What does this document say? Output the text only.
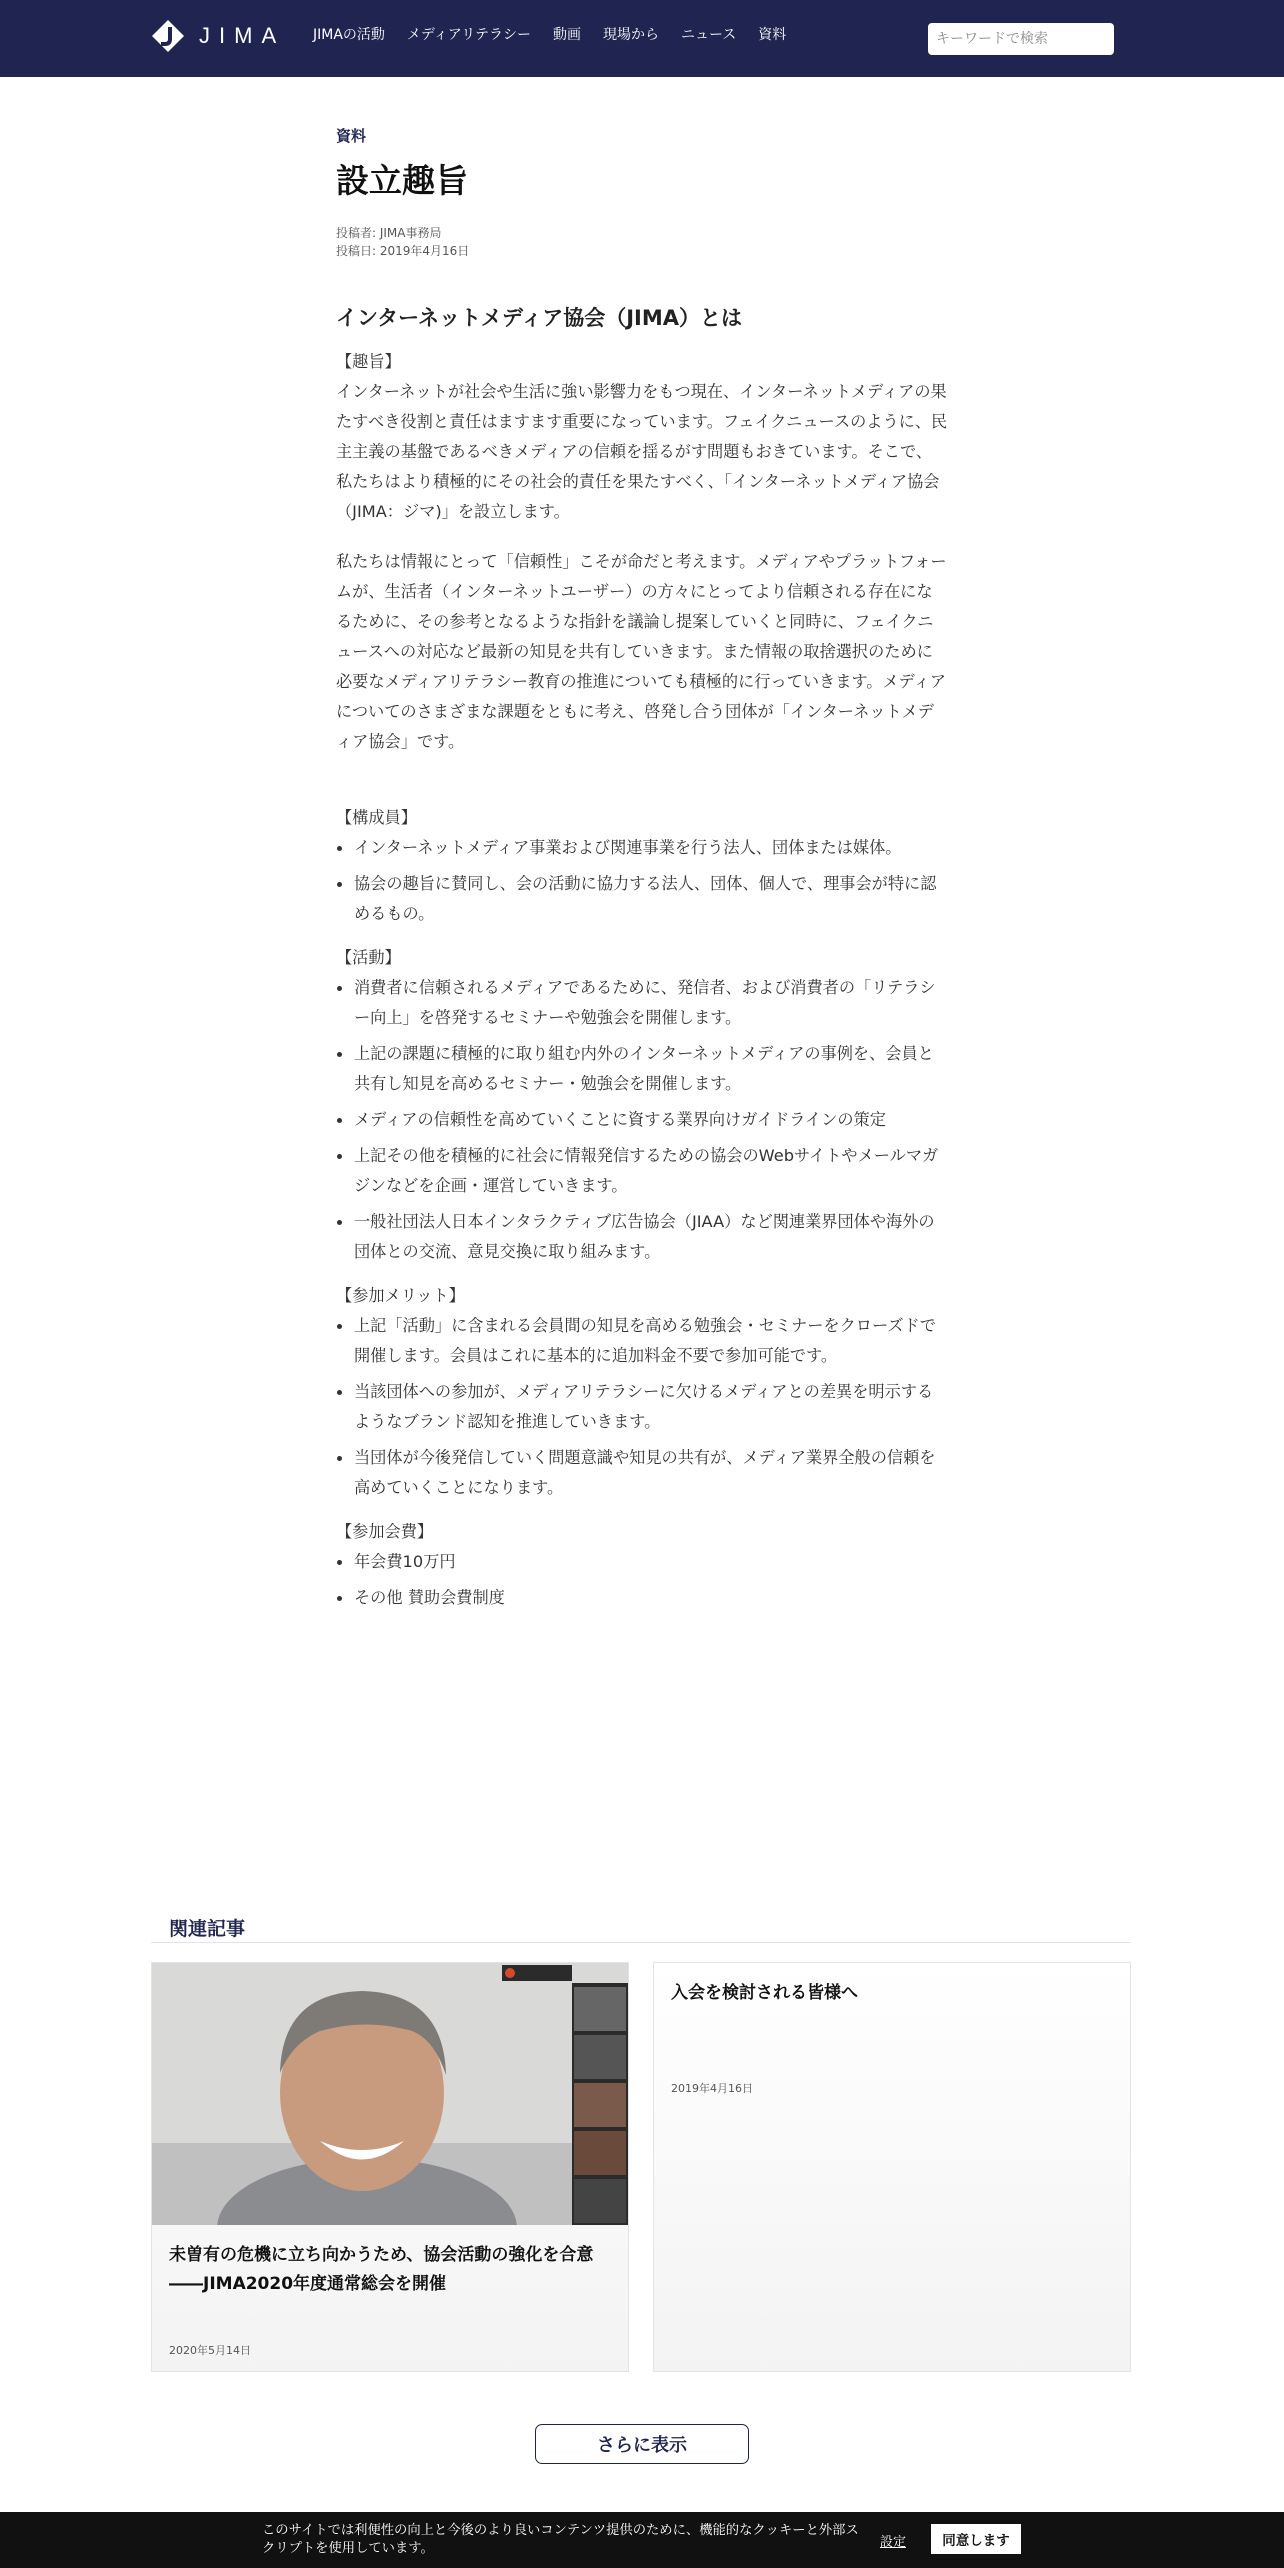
JIMA JIMAの活動 メディアリテラシー 動画 現場から ニュース 資料
キーワードで検索
資料
設立趣旨
投稿者: JIMA事務局
投稿日: 2019年4月16日
インターネットメディア協会（JIMA）とは

【趣旨】

インターネットが社会や生活に強い影響力をもつ現在、インターネットメディアの果たすべき役割と責任はますます重要になっています。フェイクニュースのように、民主主義の基盤であるべきメディアの信頼を揺るがす問題もおきています。そこで、私たちはより積極的にその社会的責任を果たすべく、「インターネットメディア協会（JIMA：ジマ)」を設立します。

私たちは情報にとって「信頼性」こそが命だと考えます。メディアやプラットフォームが、生活者（インターネットユーザー）の方々にとってより信頼される存在になるために、その参考となるような指針を議論し提案していくと同時に、フェイクニュースへの対応など最新の知見を共有していきます。また情報の取捨選択のために必要なメディアリテラシー教育の推進についても積極的に行っていきます。メディアについてのさまざまな課題をともに考え、啓発し合う団体が「インターネットメディア協会」です。

【構成員】

インターネットメディア事業および関連事業を行う法人、団体または媒体。
協会の趣旨に賛同し、会の活動に協力する法人、団体、個人で、理事会が特に認めるもの。

【活動】

消費者に信頼されるメディアであるために、発信者、および消費者の「リテラシー向上」を啓発するセミナーや勉強会を開催します。
上記の課題に積極的に取り組む内外のインターネットメディアの事例を、会員と共有し知見を高めるセミナー・勉強会を開催します。
メディアの信頼性を高めていくことに資する業界向けガイドラインの策定
上記その他を積極的に社会に情報発信するための協会のWebサイトやメールマガジンなどを企画・運営していきます。
一般社団法人日本インタラクティブ広告協会（JIAA）など関連業界団体や海外の団体との交流、意見交換に取り組みます。

【参加メリット】

上記「活動」に含まれる会員間の知見を高める勉強会・セミナーをクローズドで開催します。会員はこれに基本的に追加料金不要で参加可能です。
当該団体への参加が、メディアリテラシーに欠けるメディアとの差異を明示するようなブランド認知を推進していきます。
当団体が今後発信していく問題意識や知見の共有が、メディア業界全般の信頼を高めていくことになります。

【参加会費】

年会費10万円
その他 賛助会費制度
関連記事
未曽有の危機に立ち向かうため、協会活動の強化を合意――JIMA2020年度通常総会を開催
2020年5月14日
入会を検討される皆様へ
2019年4月16日
さらに表示
このサイトでは利便性の向上と今後のより良いコンテンツ提供のために、機能的なクッキーと外部スクリプトを使用しています。	設定	同意します
